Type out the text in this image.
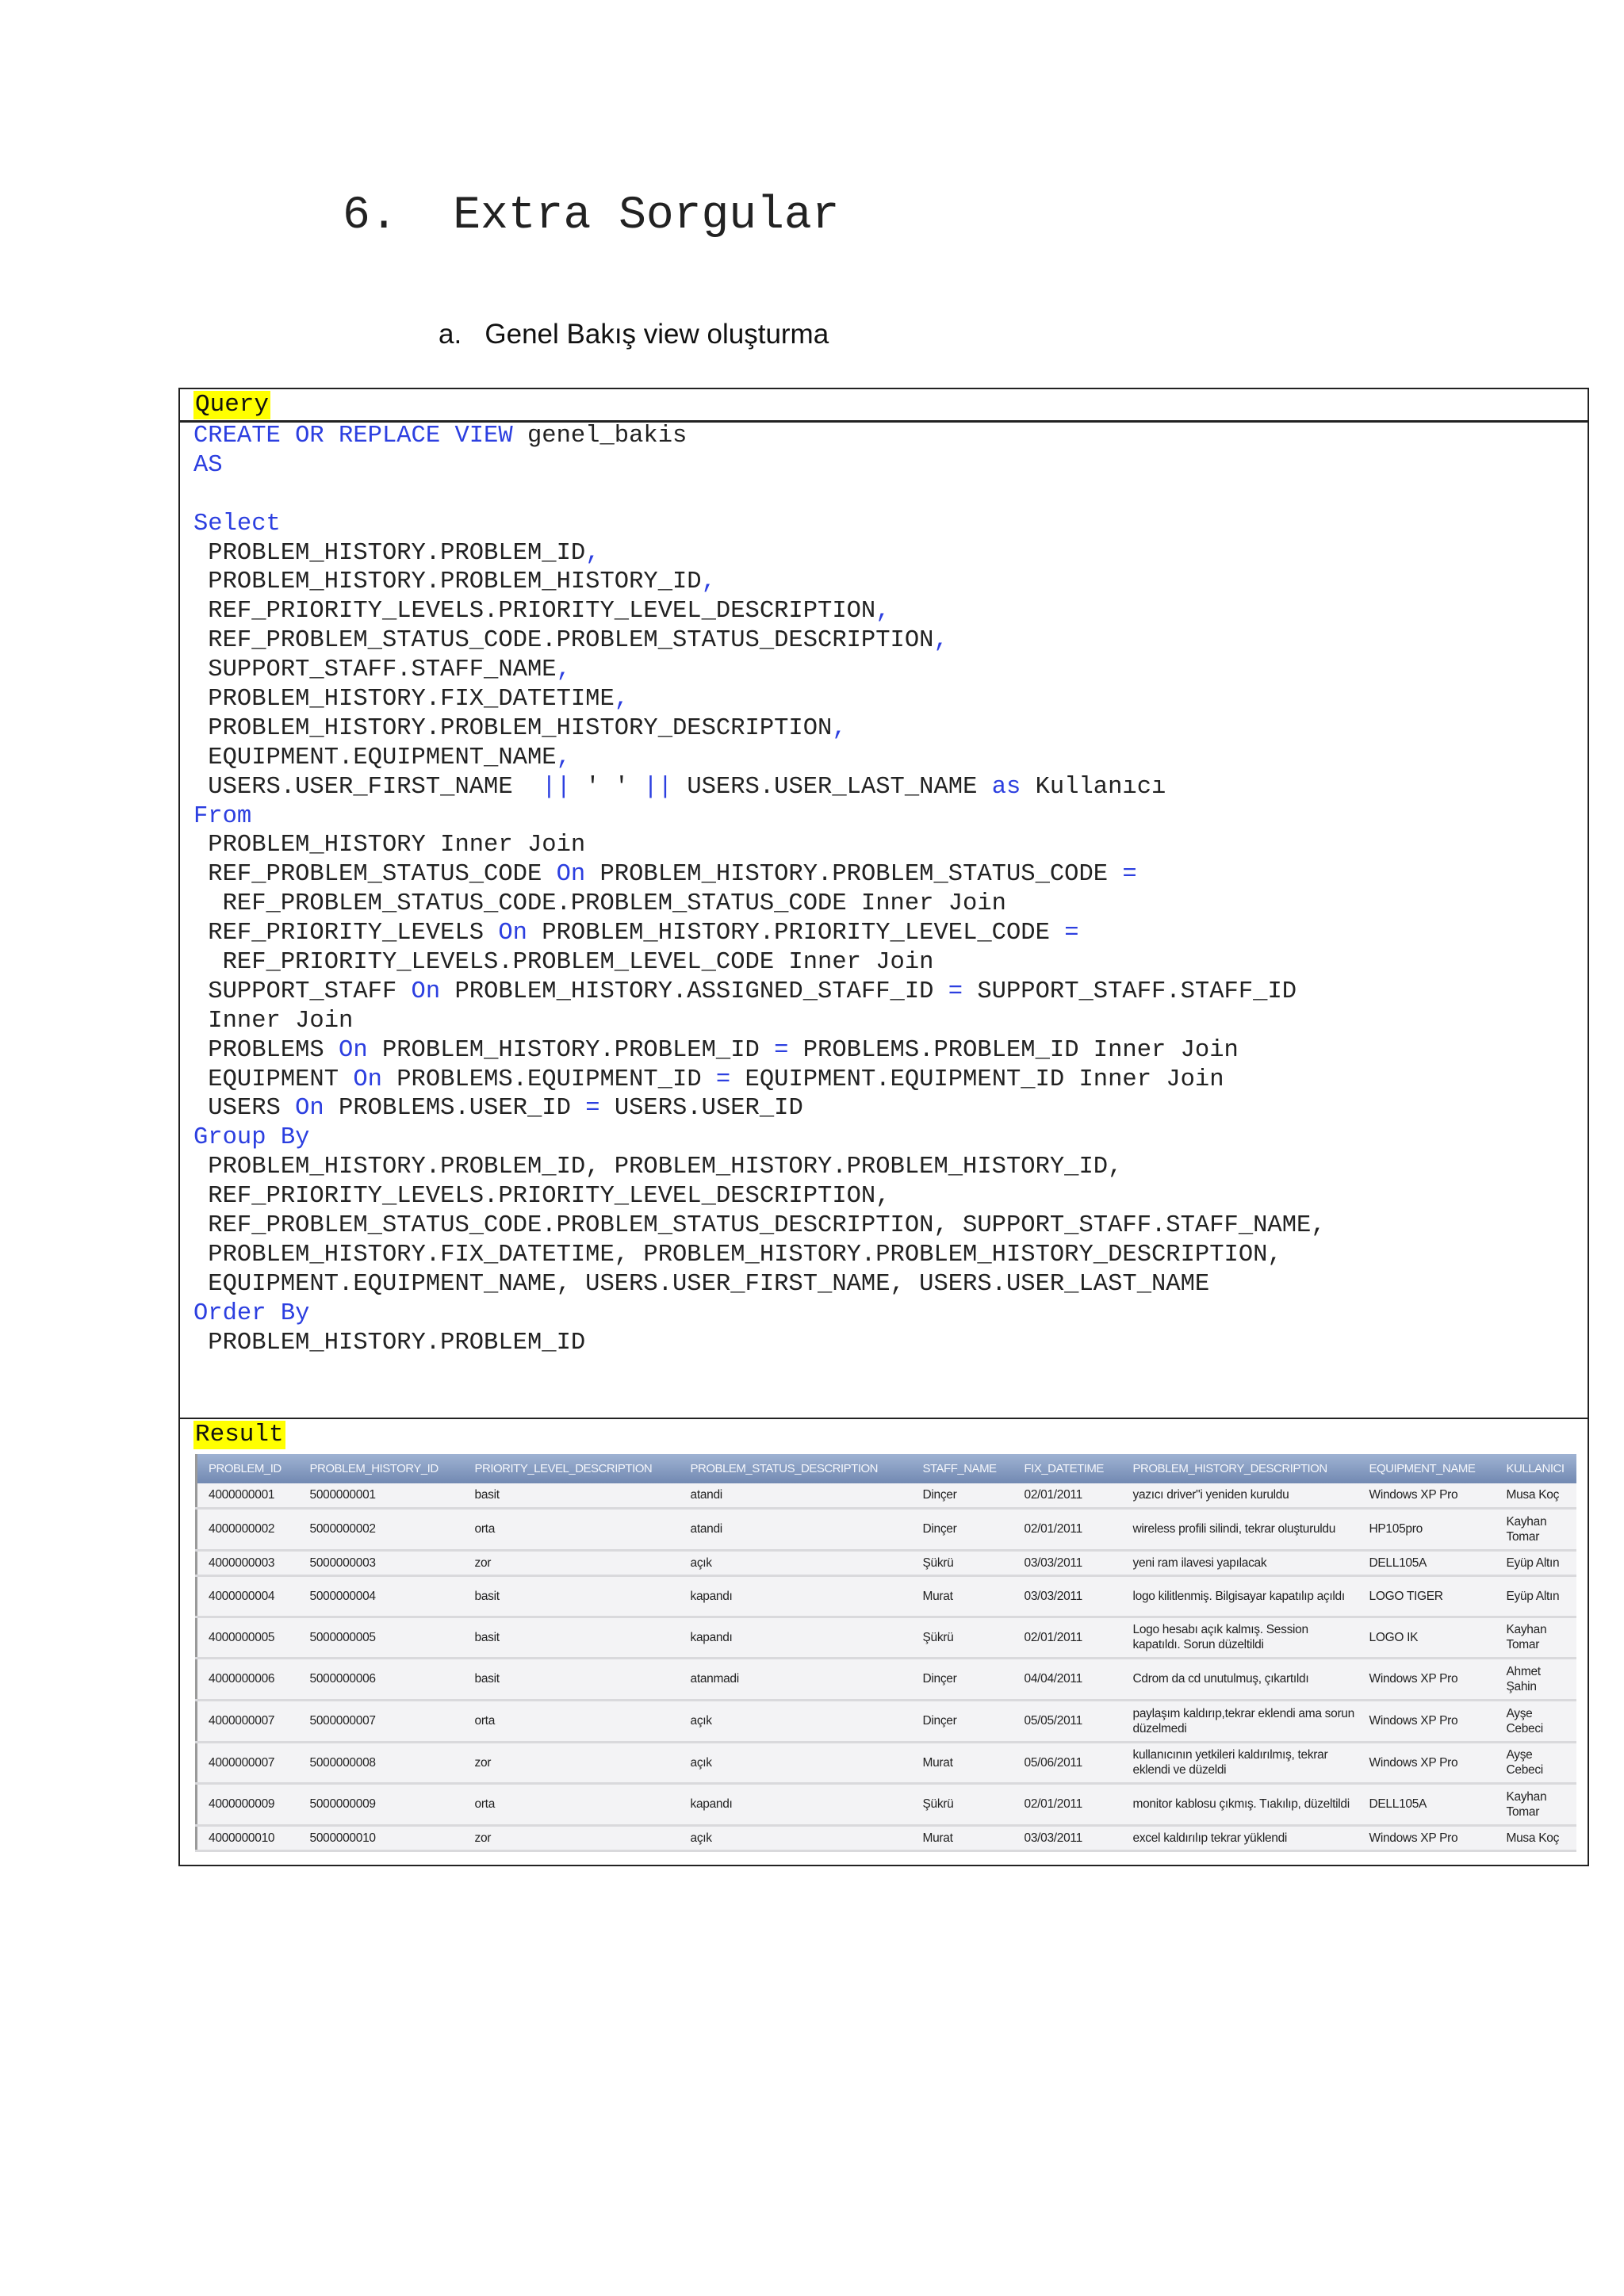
6. Extra Sorgular
a. Genel Bakış view oluşturma
Query
CREATE OR REPLACE VIEW genel_bakis
AS
Select
PROBLEM_HISTORY.PROBLEM_ID,
PROBLEM_HISTORY.PROBLEM_HISTORY_ID,
REF_PRIORITY_LEVELS.PRIORITY_LEVEL_DESCRIPTION,
REF_PROBLEM_STATUS_CODE.PROBLEM_STATUS_DESCRIPTION,
SUPPORT_STAFF.STAFF_NAME,
PROBLEM_HISTORY.FIX_DATETIME,
PROBLEM_HISTORY.PROBLEM_HISTORY_DESCRIPTION,
EQUIPMENT.EQUIPMENT_NAME,
USERS.USER_FIRST_NAME  || ' ' || USERS.USER_LAST_NAME as Kullanıcı
From
PROBLEM_HISTORY Inner Join
REF_PROBLEM_STATUS_CODE On PROBLEM_HISTORY.PROBLEM_STATUS_CODE =
REF_PROBLEM_STATUS_CODE.PROBLEM_STATUS_CODE Inner Join
REF_PRIORITY_LEVELS On PROBLEM_HISTORY.PRIORITY_LEVEL_CODE =
REF_PRIORITY_LEVELS.PROBLEM_LEVEL_CODE Inner Join
SUPPORT_STAFF On PROBLEM_HISTORY.ASSIGNED_STAFF_ID = SUPPORT_STAFF.STAFF_ID
Inner Join
PROBLEMS On PROBLEM_HISTORY.PROBLEM_ID = PROBLEMS.PROBLEM_ID Inner Join
EQUIPMENT On PROBLEMS.EQUIPMENT_ID = EQUIPMENT.EQUIPMENT_ID Inner Join
USERS On PROBLEMS.USER_ID = USERS.USER_ID
Group By
PROBLEM_HISTORY.PROBLEM_ID, PROBLEM_HISTORY.PROBLEM_HISTORY_ID,
REF_PRIORITY_LEVELS.PRIORITY_LEVEL_DESCRIPTION,
REF_PROBLEM_STATUS_CODE.PROBLEM_STATUS_DESCRIPTION, SUPPORT_STAFF.STAFF_NAME,
PROBLEM_HISTORY.FIX_DATETIME, PROBLEM_HISTORY.PROBLEM_HISTORY_DESCRIPTION,
EQUIPMENT.EQUIPMENT_NAME, USERS.USER_FIRST_NAME, USERS.USER_LAST_NAME
Order By
PROBLEM_HISTORY.PROBLEM_ID
Result
PROBLEM_ID	PROBLEM_HISTORY_ID	PRIORITY_LEVEL_DESCRIPTION	PROBLEM_STATUS_DESCRIPTION	STAFF_NAME	FIX_DATETIME	PROBLEM_HISTORY_DESCRIPTION	EQUIPMENT_NAME	KULLANICI
4000000001	5000000001	basit	atandi	Dinçer	02/01/2011	yazıcı driver"i yeniden kuruldu	Windows XP Pro	Musa Koç
4000000002	5000000002	orta	atandi	Dinçer	02/01/2011	wireless profili silindi, tekrar oluşturuldu	HP105pro	Kayhan Tomar
4000000003	5000000003	zor	açık	Şükrü	03/03/2011	yeni ram ilavesi yapılacak	DELL105A	Eyüp Altın
4000000004	5000000004	basit	kapandı	Murat	03/03/2011	logo kilitlenmiş. Bilgisayar kapatılıp açıldı	LOGO TIGER	Eyüp Altın
4000000005	5000000005	basit	kapandı	Şükrü	02/01/2011	Logo hesabı açık kalmış. Session kapatıldı. Sorun düzeltildi	LOGO IK	Kayhan Tomar
4000000006	5000000006	basit	atanmadi	Dinçer	04/04/2011	Cdrom da cd unutulmuş, çıkartıldı	Windows XP Pro	Ahmet Şahin
4000000007	5000000007	orta	açık	Dinçer	05/05/2011	paylaşım kaldırıp,tekrar eklendi ama sorun düzelmedi	Windows XP Pro	Ayşe Cebeci
4000000007	5000000008	zor	açık	Murat	05/06/2011	kullanıcının yetkileri kaldırılmış, tekrar eklendi ve düzeldi	Windows XP Pro	Ayşe Cebeci
4000000009	5000000009	orta	kapandı	Şükrü	02/01/2011	monitor kablosu çıkmış. Tıakılıp, düzeltildi	DELL105A	Kayhan Tomar
4000000010	5000000010	zor	açık	Murat	03/03/2011	excel kaldırılıp tekrar yüklendi	Windows XP Pro	Musa Koç
